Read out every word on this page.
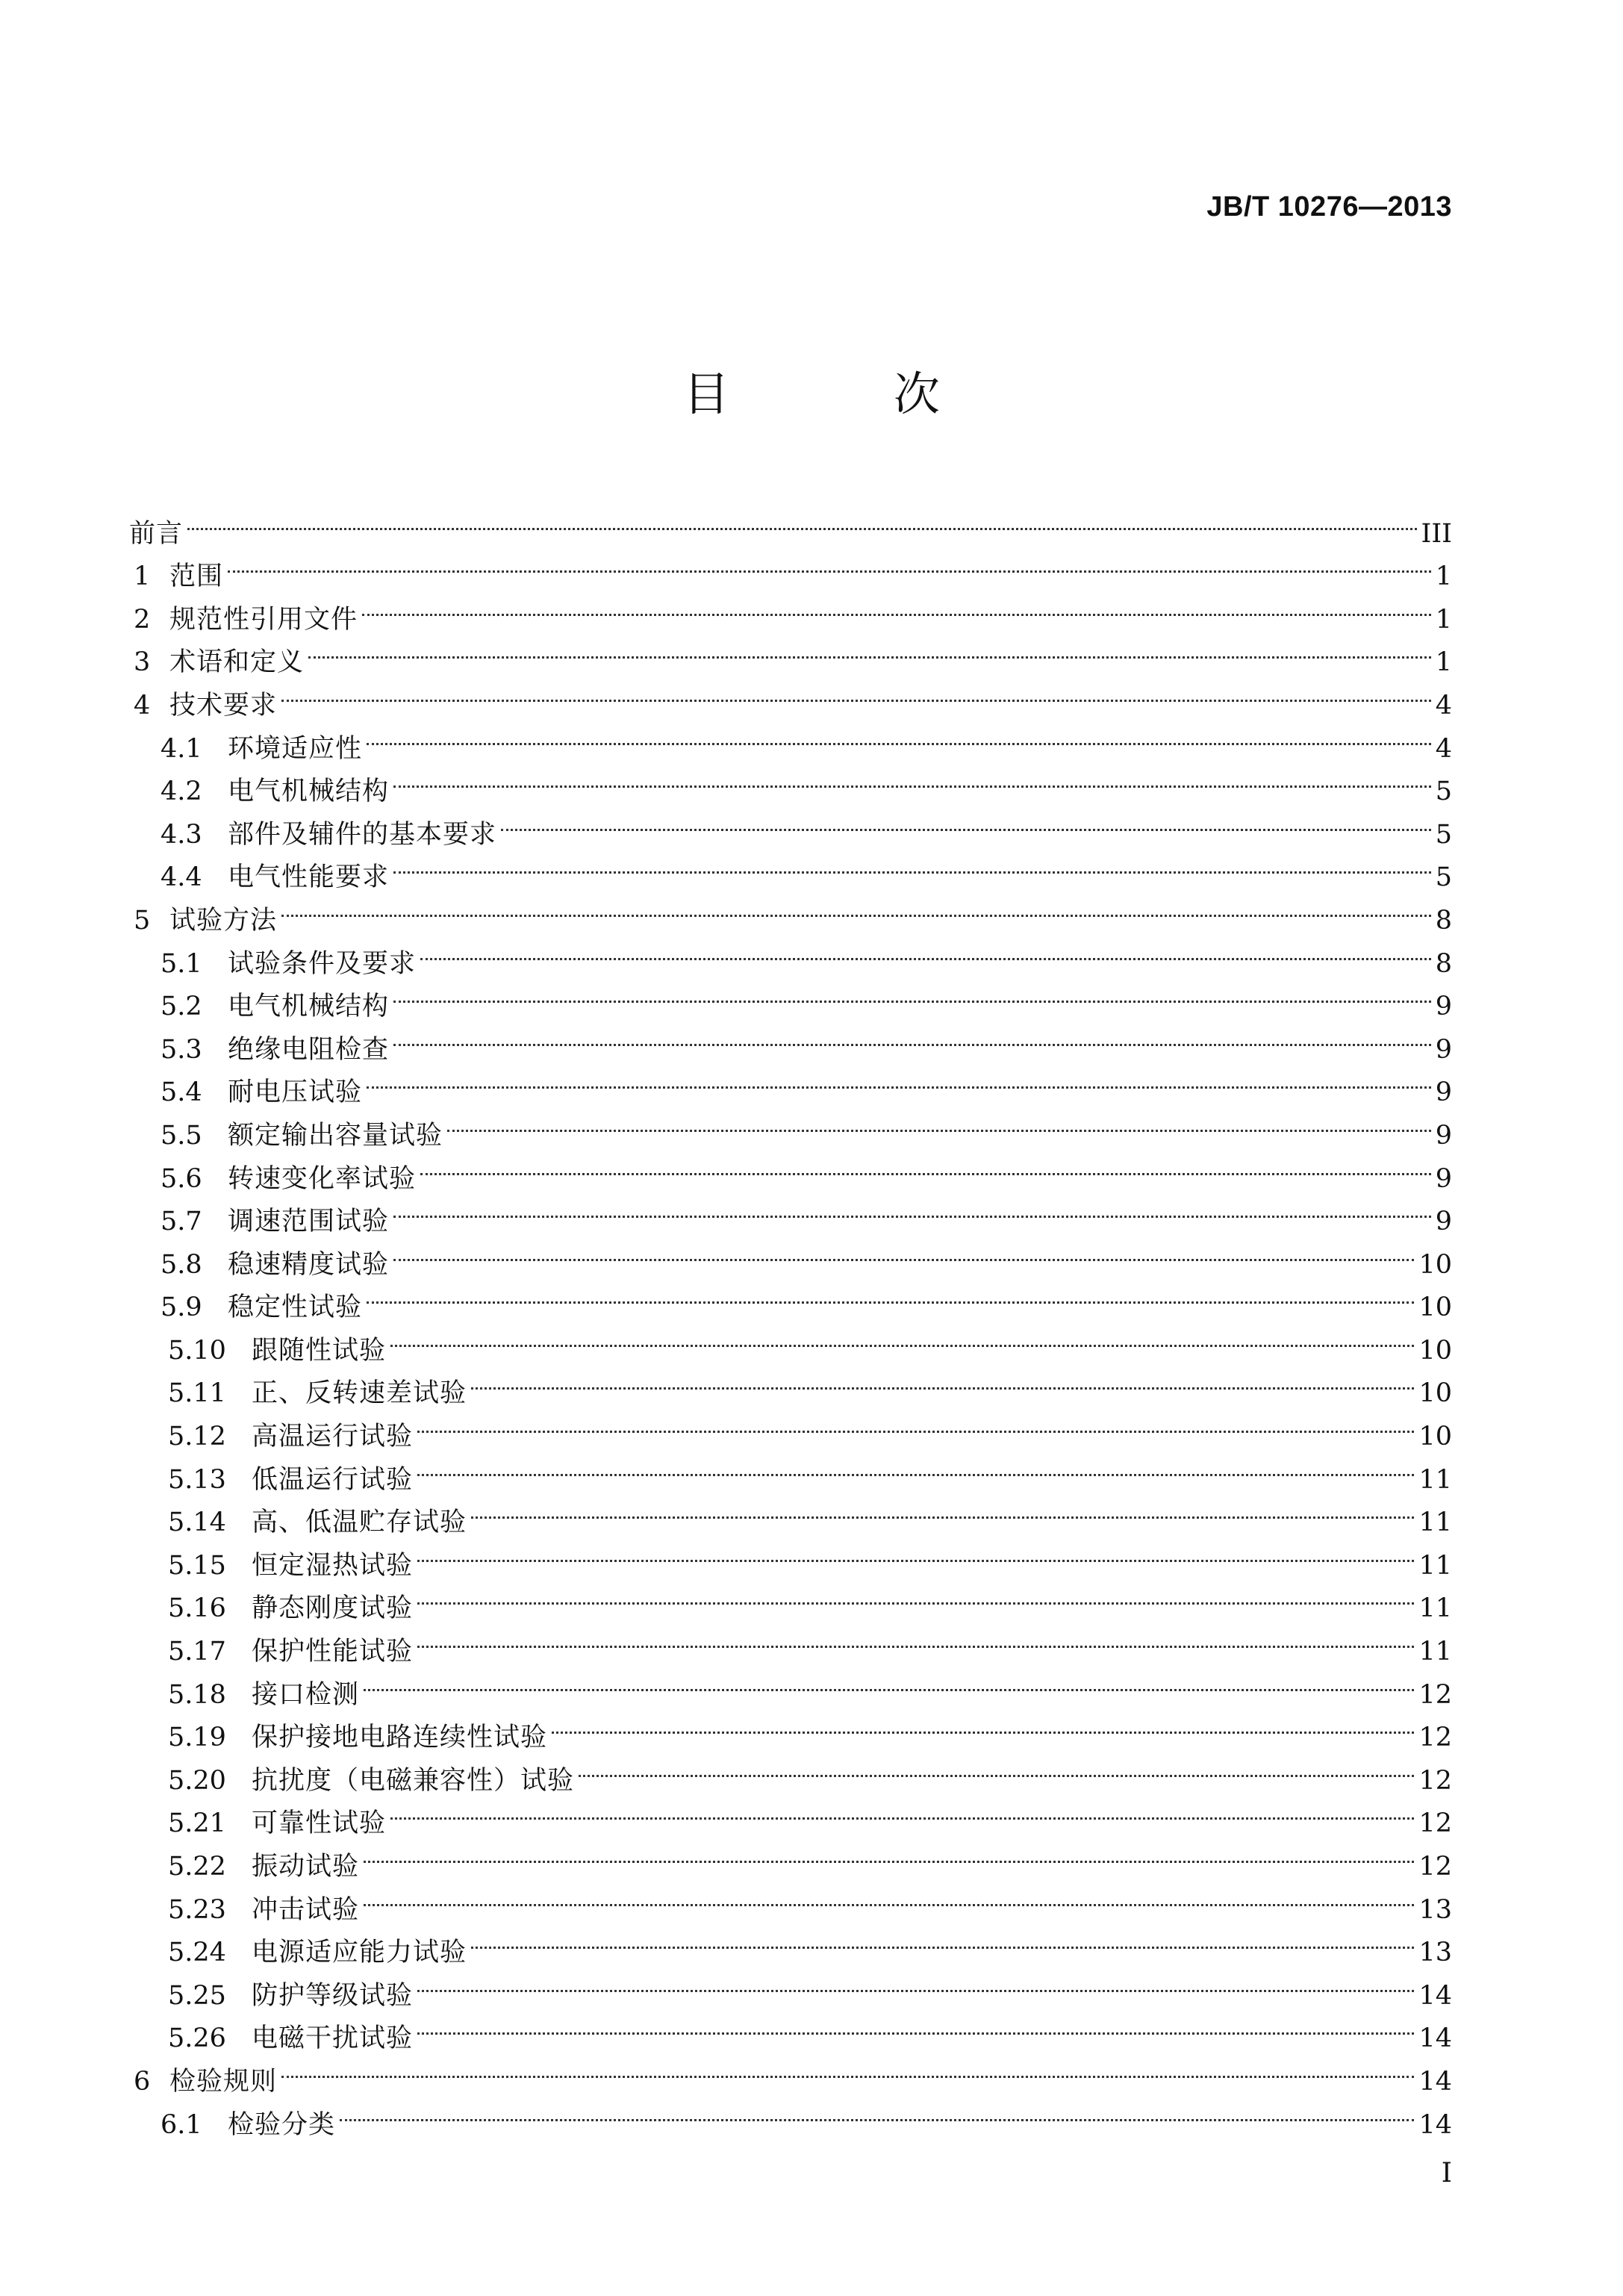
JB/T 10276—2013
目 次
前言	III
1 范围	1
2 规范性引用文件	1
3 术语和定义	1
4 技术要求	4
4.1 环境适应性	4
4.2 电气机械结构	5
4.3 部件及辅件的基本要求	5
4.4 电气性能要求	5
5 试验方法	8
5.1 试验条件及要求	8
5.2 电气机械结构	9
5.3 绝缘电阻检查	9
5.4 耐电压试验	9
5.5 额定输出容量试验	9
5.6 转速变化率试验	9
5.7 调速范围试验	9
5.8 稳速精度试验	10
5.9 稳定性试验	10
5.10 跟随性试验	10
5.11 正、反转速差试验	10
5.12 高温运行试验	10
5.13 低温运行试验	11
5.14 高、低温贮存试验	11
5.15 恒定湿热试验	11
5.16 静态刚度试验	11
5.17 保护性能试验	11
5.18 接口检测	12
5.19 保护接地电路连续性试验	12
5.20 抗扰度（电磁兼容性）试验	12
5.21 可靠性试验	12
5.22 振动试验	12
5.23 冲击试验	13
5.24 电源适应能力试验	13
5.25 防护等级试验	14
5.26 电磁干扰试验	14
6 检验规则	14
6.1 检验分类	14
I
